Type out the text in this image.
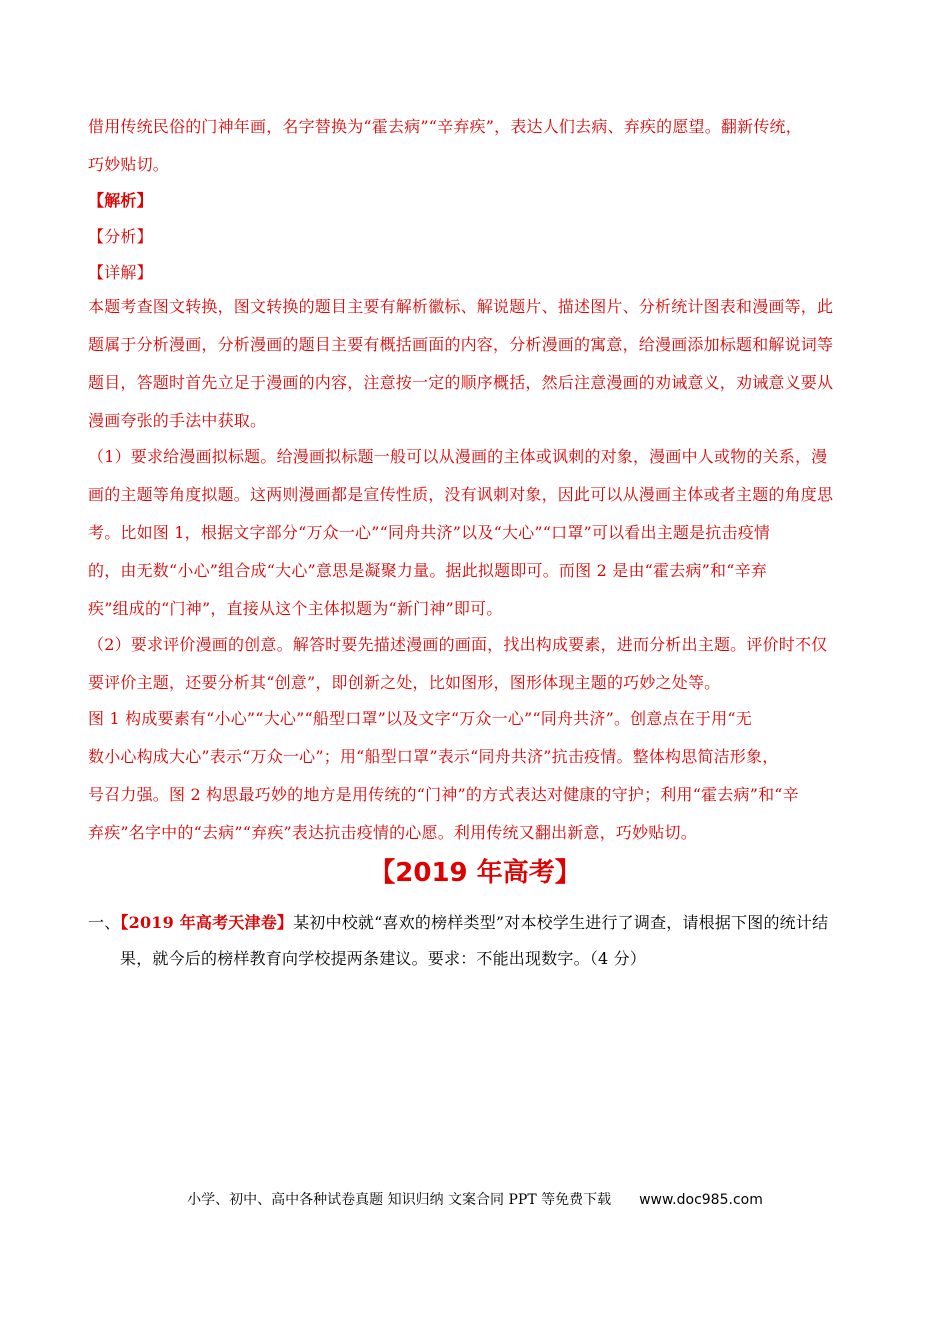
借用传统民俗的门神年画，名字替换为“霍去病”“辛弃疾”，表达人们去病、弃疾的愿望。翻新传统，
巧妙贴切。
【解析】
【分析】
【详解】
本题考查图文转换，图文转换的题目主要有解析徽标、解说题片、描述图片、分析统计图表和漫画等，此
题属于分析漫画，分析漫画的题目主要有概括画面的内容，分析漫画的寓意，给漫画添加标题和解说词等
题目，答题时首先立足于漫画的内容，注意按一定的顺序概括，然后注意漫画的劝诫意义，劝诫意义要从
漫画夸张的手法中获取。
（1）要求给漫画拟标题。给漫画拟标题一般可以从漫画的主体或讽刺的对象，漫画中人或物的关系，漫
画的主题等角度拟题。这两则漫画都是宣传性质，没有讽刺对象，因此可以从漫画主体或者主题的角度思
考。比如图 1，根据文字部分“万众一心”“同舟共济”以及“大心”“口罩”可以看出主题是抗击疫情
的，由无数“小心”组合成“大心”意思是凝聚力量。据此拟题即可。而图 2 是由“霍去病”和“辛弃
疾”组成的“门神”，直接从这个主体拟题为“新门神”即可。
（2）要求评价漫画的创意。解答时要先描述漫画的画面，找出构成要素，进而分析出主题。评价时不仅
要评价主题，还要分析其“创意”，即创新之处，比如图形，图形体现主题的巧妙之处等。
图 1 构成要素有“小心”“大心”“船型口罩”以及文字“万众一心”“同舟共济”。创意点在于用“无
数小心构成大心”表示“万众一心”；用“船型口罩”表示“同舟共济”抗击疫情。整体构思简洁形象，
号召力强。图 2 构思最巧妙的地方是用传统的“门神”的方式表达对健康的守护；利用“霍去病”和“辛
弃疾”名字中的“去病”“弃疾”表达抗击疫情的心愿。利用传统又翻出新意，巧妙贴切。
【2019 年高考】
一、【2019 年高考天津卷】某初中校就“喜欢的榜样类型”对本校学生进行了调查，请根据下图的统计结
果，就今后的榜样教育向学校提两条建议。要求：不能出现数字。（4 分）
小学、初中、高中各种试卷真题 知识归纳 文案合同 PPT 等免费下载 www.doc985.com
